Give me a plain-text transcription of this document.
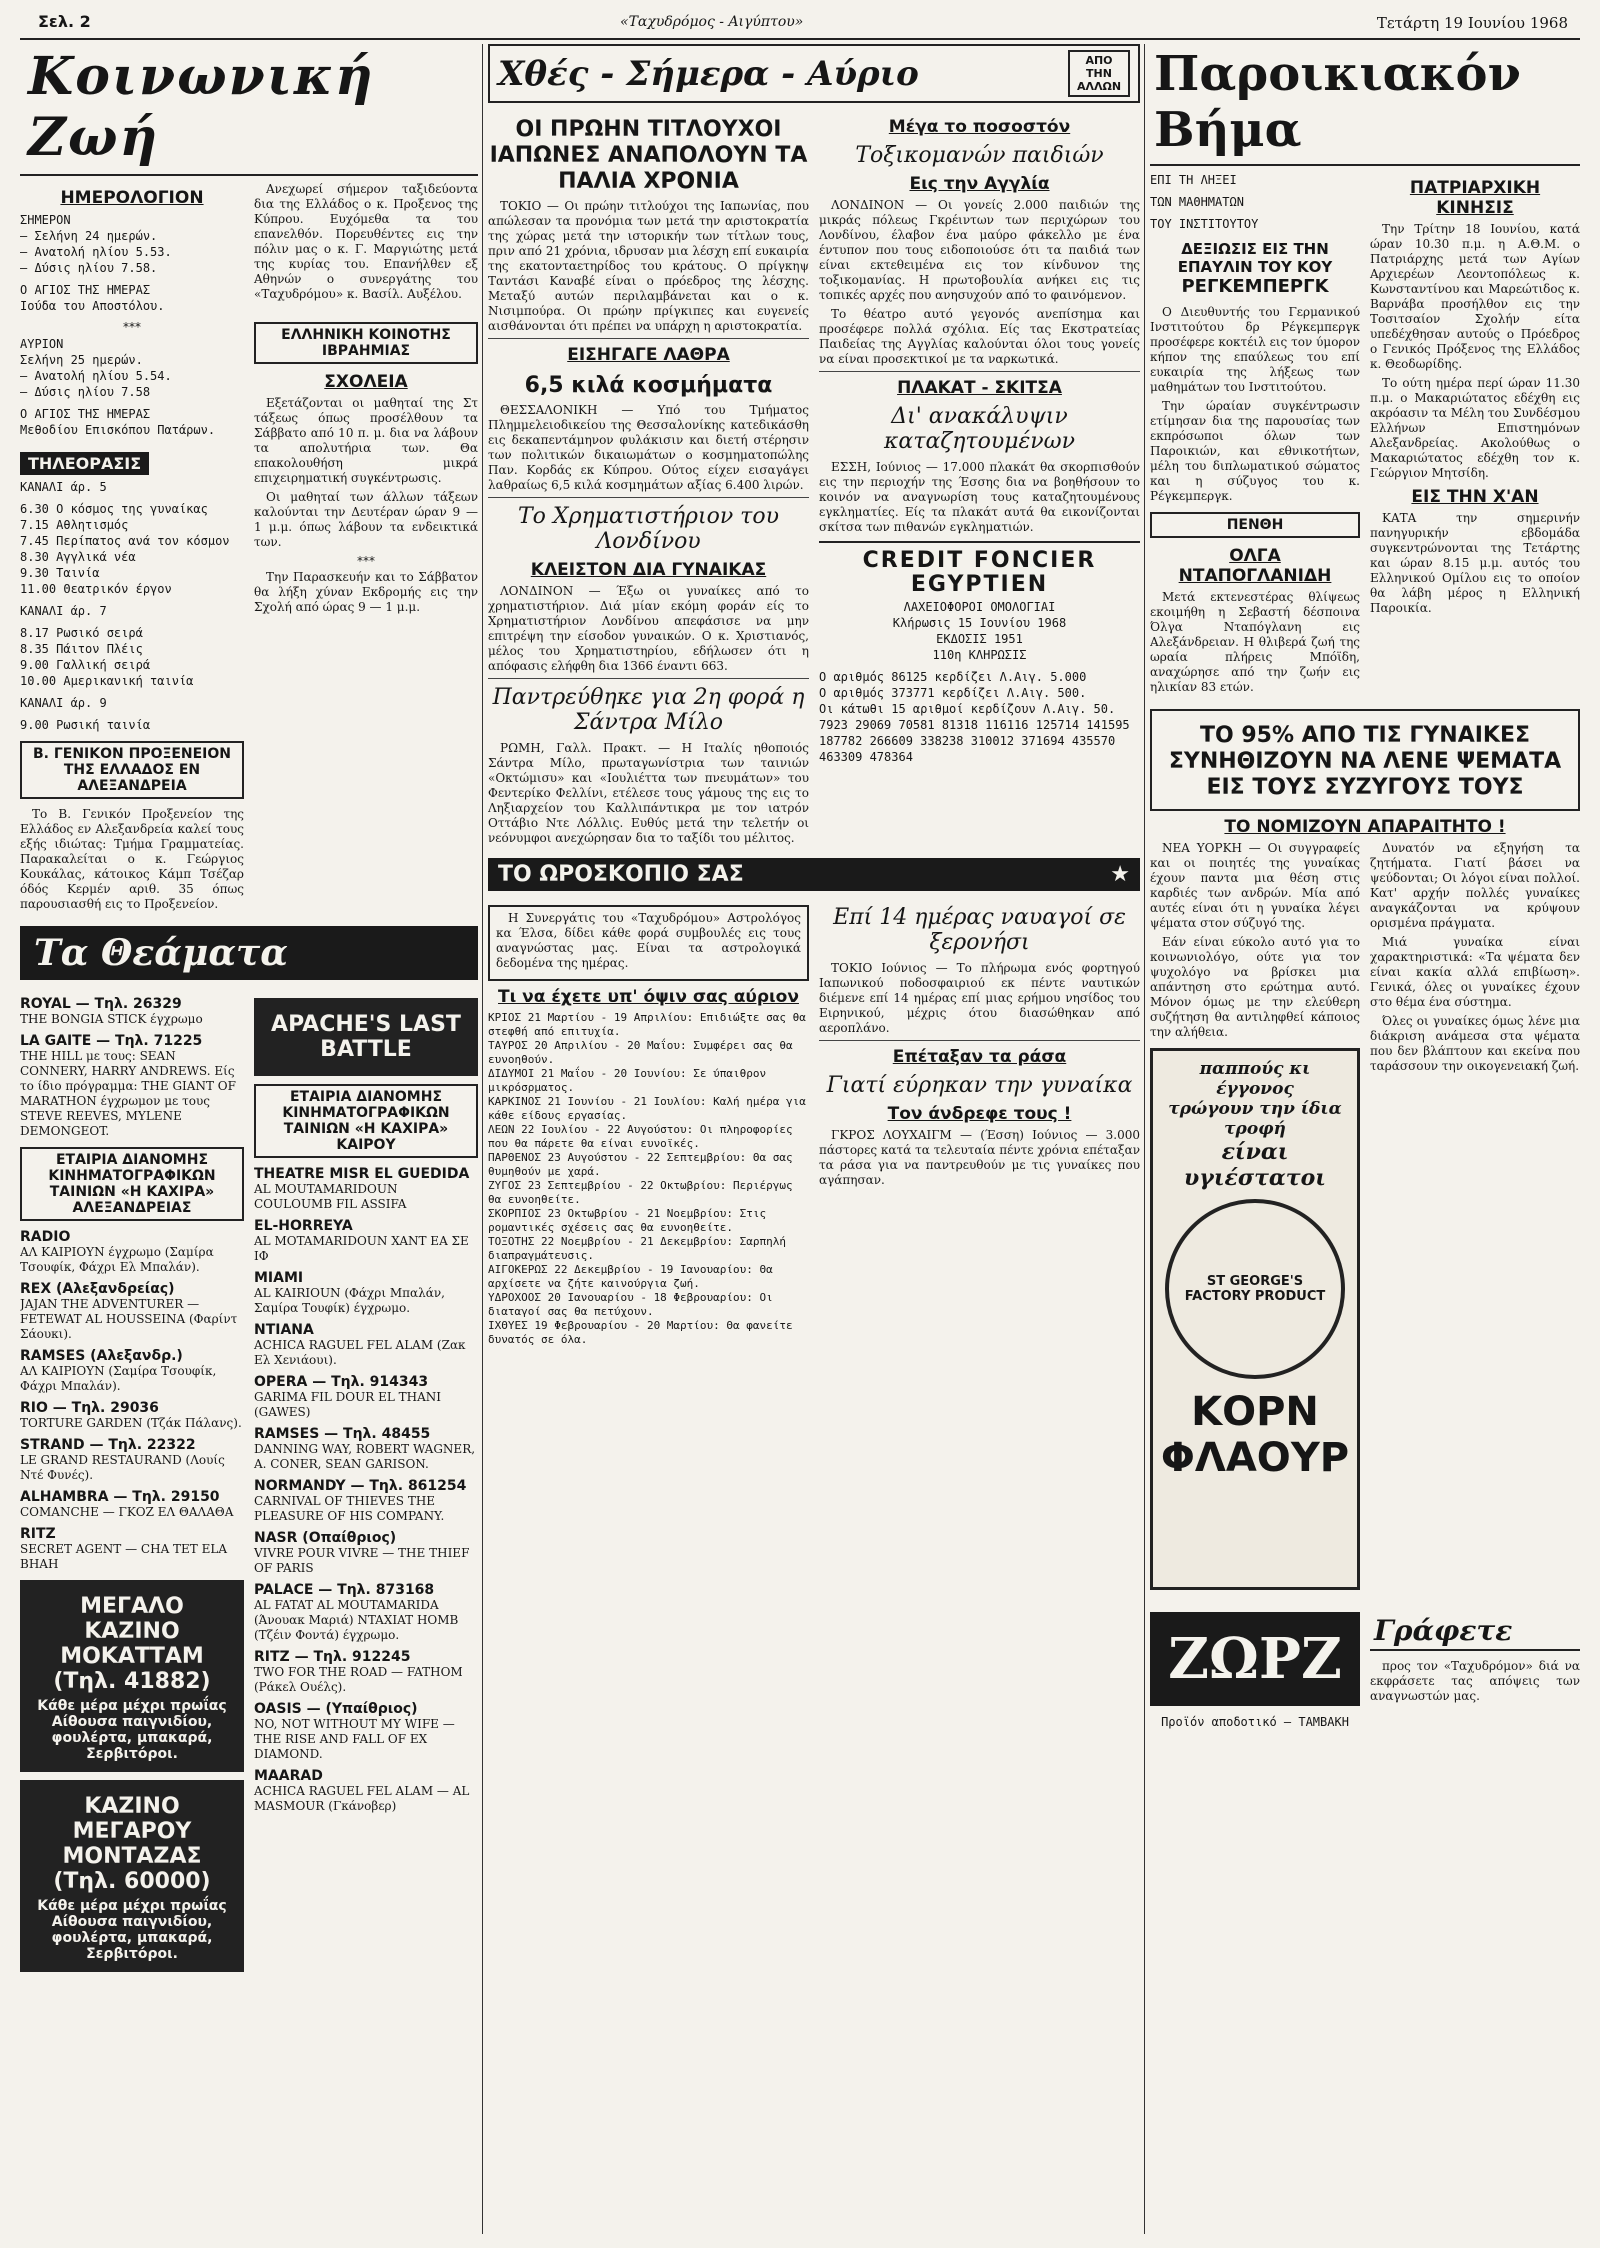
Σελ. 2	«Ταχυδρόμος - Αιγύπτου»	Τετάρτη 19 Ιουνίου 1968
Κοινωνική Ζωή
ΗΜΕΡΟΛΟΓΙΟΝ
ΣΗΜΕΡΟΝ
— Σελήνη 24 ημερών.
— Ανατολή ηλίου 5.53.
— Δύσις ηλίου 7.58.
Ο ΑΓΙΟΣ ΤΗΣ ΗΜΕΡΑΣ
Ιούδα του Αποστόλου.
***
ΑΥΡΙΟΝ
Σελήνη 25 ημερών.
— Ανατολή ηλίου 5.54.
— Δύσις ηλίου 7.58
Ο ΑΓΙΟΣ ΤΗΣ ΗΜΕΡΑΣ
Μεθοδίου Επισκόπου Πατάρων.
ΤΗΛΕΟΡΑΣΙΣ
ΚΑΝΑΛΙ άρ. 5
6.30 Ο κόσμος της γυναίκας
7.15 Αθλητισμός
7.45 Περίπατος ανά τον κόσμον
8.30 Αγγλικά νέα
9.30 Ταινία
11.00 Θεατρικόν έργον
ΚΑΝΑΛΙ άρ. 7
8.17 Ρωσικό σειρά
8.35 Πάιτον Πλέις
9.00 Γαλλική σειρά
10.00 Αμερικανική ταινία
ΚΑΝΑΛΙ άρ. 9
9.00 Ρωσική ταινία
Β. ΓΕΝΙΚΟΝ ΠΡΟΞΕΝΕΙΟΝ ΤΗΣ ΕΛΛΑΔΟΣ ΕΝ ΑΛΕΞΑΝΔΡΕΙΑ

Το Β. Γενικόν Προξενείον της Ελλάδος εν Αλεξανδρεία καλεί τους εξής ιδιώτας: Τμήμα Γραμματείας. Παρακαλείται ο κ. Γεώργιος Κουκάλας, κάτοικος Κάμπ Τσέζαρ όδός Κερμέν αριθ. 35 όπως παρουσιασθή εις το Προξενείον.

Ανεχωρεί σήμερον ταξιδεύοντα δια της Ελλάδος ο κ. Προξενος της Κύπρου. Ευχόμεθα τα του επανελθόν. Πορευθέντες εις την πόλιν μας ο κ. Γ. Μαργιώτης μετά της κυρίας του. Επανήλθεν εξ Αθηνών ο συνεργάτης του «Ταχυδρόμου» κ. Βασίλ. Αυξέλου.

ΕΛΛΗΝΙΚΗ ΚΟΙΝΟΤΗΣ ΙΒΡΑΗΜΙΑΣ
ΣΧΟΛΕΙΑ

Εξετάζονται οι μαθηταί της Στ τάξεως όπως προσέλθουν τα Σάββατο από 10 π. μ. δια να λάβουν τα απολυτήρια των. Θα επακολουθήση μικρά επιχειρηματική συγκέντρωσις.

Οι μαθηταί των άλλων τάξεων καλούνται την Δευτέραν ώραν 9 — 1 μ.μ. όπως λάβουν τα ενδεικτικά των.

***

Την Παρασκευήν και το Σάββατον θα λήξη χύναν Εκδρομής εις την Σχολή από ώρας 9 — 1 μ.μ.

Τα Θεάματα
ROYAL — Τηλ. 26329
THE BONGIA STICK έγχρωμο
LA GAITE — Τηλ. 71225
THE HILL με τους: SEAN CONNERY, HARRY ANDREWS. Είς το ίδιο πρόγραμμα: THE GIANT OF MARATHON έγχρωμον με τους STEVE REEVES, MYLENE DEMONGEOT.
ΕΤΑΙΡΙΑ ΔΙΑΝΟΜΗΣ ΚΙΝΗΜΑΤΟΓΡΑΦΙΚΩΝ ΤΑΙΝΙΩΝ «Η ΚΑΧΙΡΑ» ΑΛΕΞΑΝΔΡΕΙΑΣ
RADIO
ΑΛ ΚΑΙΡΙΟΥΝ έγχρωμο (Σαμίρα Τσουφίκ, Φάχρι Ελ Μπαλάν).
REX (Αλεξανδρείας)
JAJAN THE ADVENTURER — FETEWAT AL HOUSSEINA (Φαρίντ Σάουκι).
RAMSES (Αλεξανδρ.)
ΑΛ ΚΑΙΡΙΟΥΝ (Σαμίρα Τσουφίκ, Φάχρι Μπαλάν).
RIO — Τηλ. 29036
TORTURE GARDEN (Τζάκ Πάλανς).
STRAND — Τηλ. 22322
LE GRAND RESTAURAND (Λουίς Ντέ Φυνές).
ALHAMBRA — Τηλ. 29150
COMANCHE — ΓΚΟΖ ΕΛ ΘΑΛΑΘΑ
RITZ
SECRET AGENT — CHA TET ELA BHAH
ΜΕΓΑΛΟ ΚΑΖΙΝΟ ΜΟΚΑΤΤΑΜ (Τηλ. 41882)
Κάθε μέρα μέχρι πρωΐας Αίθουσα παιγνιδίου, φουλέρτα, μπακαρά, Σερβιτόροι.
ΚΑΖΙΝΟ ΜΕΓΑΡΟΥ ΜΟΝΤΑΖΑΣ (Τηλ. 60000)
Κάθε μέρα μέχρι πρωΐας Αίθουσα παιγνιδίου, φουλέρτα, μπακαρά, Σερβιτόροι.
APACHE'S LAST BATTLE
ΕΤΑΙΡΙΑ ΔΙΑΝΟΜΗΣ ΚΙΝΗΜΑΤΟΓΡΑΦΙΚΩΝ ΤΑΙΝΙΩΝ «Η ΚΑΧΙΡΑ» ΚΑΙΡΟΥ
THEATRE MISR EL GUEDIDA
AL MOUTAMARIDOUN COULOUMB FIL ASSIFA
EL-HORREYA
AL MOTAMARIDOUN XANT ΕΑ ΣΕ ΙΦ
MIAMI
AL KAIRIOUN (Φάχρι Μπαλάν, Σαμίρα Τουφίκ) έγχρωμο.
NTIANA
ACHICA RAGUEL FEL ALAM (Ζακ Ελ Χενιάουι).
OPERA — Τηλ. 914343
GARIMA FIL DOUR EL THANI (GAWES)
RAMSES — Τηλ. 48455
DANNING WAY, ROBERT WAGNER, A. CONER, SEAN GARISON.
NORMANDY — Τηλ. 861254
CARNIVAL OF THIEVES THE PLEASURE OF HIS COMPANY.
NASR (Οπαίθριος)
VIVRE POUR VIVRE — THE THIEF OF PARIS
PALACE — Τηλ. 873168
AL FATAT AL MOUTAMARIDA (Άνουακ Μαριά) NTAXIAT HOMB (Τζέιν Φοντά) έγχρωμο.
RITZ — Τηλ. 912245
TWO FOR THE ROAD — FATHOM (Ράκελ Ουέλς).
OASIS — (Υπαίθριος)
NO, NOT WITHOUT MY WIFE — THE RISE AND FALL OF EX DIAMOND.
MAARAD
ACHICA RAGUEL FEL ALAM — AL MASMOUR (Γκάνοβερ)
Χθές - Σήμερα - Αύριο	ΑΠΟ ΤΗΝ ΑΛΛΩΝ
ΟΙ ΠΡΩΗΝ ΤΙΤΛΟΥΧΟΙ ΙΑΠΩΝΕΣ ΑΝΑΠΟΛΟΥΝ ΤΑ ΠΑΛΙΑ ΧΡΟΝΙΑ

ΤΟΚΙΟ — Οι πρώην τιτλούχοι της Ιαπωνίας, που απώλεσαν τα προνόμια των μετά την αριστοκρατία της χώρας μετά την ιστορικήν των τίτλων τους, πριν από 21 χρόνια, ιδρυσαν μια λέσχη επί ευκαιρία της εκατονταετηρίδος του κράτους. Ο πρίγκηψ Ταντάσι Καναβέ είναι ο πρόεδρος της λέσχης. Μεταξύ αυτών περιλαμβάνεται και ο κ. Νισιμπούρα. Οι πρώην πρίγκιπες και ευγενείς αισθάνονται ότι πρέπει να υπάρχη η αριστοκρατία.

ΕΙΣΗΓΑΓΕ ΛΑΘΡΑ
6,5 κιλά κοσμήματα

ΘΕΣΣΑΛΟΝΙΚΗ — Υπό του Τμήματος Πλημμελειοδικείου της Θεσσαλονίκης κατεδικάσθη εις δεκαπεντάμηνον φυλάκισιν και διετή στέρησιν των πολιτικών δικαιωμάτων ο κοσμηματοπώλης Παν. Κορδάς εκ Κύπρου. Ούτος είχεν εισαγάγει λαθραίως 6,5 κιλά κοσμημάτων αξίας 6.400 λιρών.

Το Χρηματιστήριον του Λονδίνου
ΚΛΕΙΣΤΟΝ ΔΙΑ ΓΥΝΑΙΚΑΣ

ΛΟΝΔΙΝΟΝ — Έξω οι γυναίκες από το χρηματιστήριον. Διά μίαν εκόμη φοράν είς το Χρηματιστήριον Λονδίνου απεφάσισε να μην επιτρέψη την είσοδον γυναικών. Ο κ. Χριστιανός, μέλος του Χρηματιστηρίου, εδήλωσεν ότι η απόφασις ελήφθη δια 1366 έναντι 663.

Παντρεύθηκε για 2η φορά η Σάντρα Μίλο

ΡΩΜΗ, Γαλλ. Πρακτ. — Η Ιταλίς ηθοποιός Σάντρα Μίλο, πρωταγωνίστρια των ταινιών «Οκτώμισυ» και «Ιουλιέττα των πνευμάτων» του Φεντερίκο Φελλίνι, ετέλεσε τους γάμους της εις το Ληξιαρχείον του Καλλιπάντικρα με τον ιατρόν Οττάβιο Ντε Λόλλις. Ευθύς μετά την τελετήν οι νεόνυμφοι ανεχώρησαν δια το ταξίδι του μέλιτος.

Μέγα το ποσοστόν
Τοξικομανών παιδιών
Εις την Αγγλία

ΛΟΝΔΙΝΟΝ — Οι γονείς 2.000 παιδιών της μικράς πόλεως Γκρέιντων των περιχώρων του Λονδίνου, έλαβον ένα μαύρο φάκελλο με ένα έντυπον που τους ειδοποιούσε ότι τα παιδιά των είναι εκτεθειμένα εις τον κίνδυνον της τοξικομανίας. Η πρωτοβουλία ανήκει εις τις τοπικές αρχές που ανησυχούν από το φαινόμενον.

Το θέατρο αυτό γεγονός ανεπίσημα και προσέφερε πολλά σχόλια. Είς τας Εκστρατείας Παιδείας της Αγγλίας καλούνται όλοι τους γονείς να είναι προσεκτικοί με τα ναρκωτικά.

ΠΛΑΚΑΤ - ΣΚΙΤΣΑ
Δι' ανακάλυψιν καταζητουμένων

ΕΣΣΗ, Ιούνιος — 17.000 πλακάτ θα σκορπισθούν εις την περιοχήν της Έσσης δια να βοηθήσουν το κοινόν να αναγνωρίση τους καταζητουμένους εγκληματίες. Είς τα πλακάτ αυτά θα εικονίζονται σκίτσα των πιθανών εγκληματιών.

CREDIT FONCIER EGYPTIEN
ΛΑΧΕΙΟΦΟΡΟΙ ΟΜΟΛΟΓΙΑΙ
Κλήρωσις 15 Ιουνίου 1968
ΕΚΔΟΣΙΣ 1951
110η ΚΛΗΡΩΣΙΣ
Ο αριθμός 86125 κερδίζει Λ.Αιγ. 5.000
Ο αριθμός 373771 κερδίζει Λ.Αιγ. 500.
Οι κάτωθι 15 αριθμοί κερδίζουν Λ.Αιγ. 50.
7923 29069 70581 81318 116116 125714 141595 187782 266609 338238 310012 371694 435570 463309 478364
ΤΟ ΩΡΟΣΚΟΠΙΟ ΣΑΣ	★

Η Συνεργάτις του «Ταχυδρόμου» Αστρολόγος κα Έλσα, δίδει κάθε φορά συμβουλές εις τους αναγνώστας μας. Είναι τα αστρολογικά δεδομένα της ημέρας.

Τι να έχετε υπ' όψιν σας αύριον
ΚΡΙΟΣ 21 Μαρτίου - 19 Απριλίου: Επιδιώξτε σας θα στεφθή από επιτυχία.
ΤΑΥΡΟΣ 20 Απριλίου - 20 Μαΐου: Συμφέρει σας θα ευνοηθούν.
ΔΙΔΥΜΟΙ 21 Μαΐου - 20 Ιουνίου: Σε ύπαιθρον μικρόσρματος.
ΚΑΡΚΙΝΟΣ 21 Ιουνίου - 21 Ιουλίου: Καλή ημέρα για κάθε είδους εργασίας.
ΛΕΩΝ 22 Ιουλίου - 22 Αυγούστου: Οι πληροφορίες που θα πάρετε θα είναι ευνοϊκές.
ΠΑΡΘΕΝΟΣ 23 Αυγούστου - 22 Σεπτεμβρίου: Θα σας θυμηθούν με χαρά.
ΖΥΓΟΣ 23 Σεπτεμβρίου - 22 Οκτωβρίου: Περιέργως θα ευνοηθείτε.
ΣΚΟΡΠΙΟΣ 23 Οκτωβρίου - 21 Νοεμβρίου: Στις ρομαντικές σχέσεις σας θα ευνοηθείτε.
ΤΟΞΟΤΗΣ 22 Νοεμβρίου - 21 Δεκεμβρίου: Σαρπηλή διαπραγμάτευσις.
ΑΙΓΟΚΕΡΩΣ 22 Δεκεμβρίου - 19 Ιανουαρίου: Θα αρχίσετε να ζήτε καινούργια ζωή.
ΥΔΡΟΧΟΟΣ 20 Ιανουαρίου - 18 Φεβρουαρίου: Οι διαταγοί σας θα πετύχουν.
ΙΧΘΥΕΣ 19 Φεβρουαρίου - 20 Μαρτίου: Θα φανείτε δυνατός σε όλα.
Επί 14 ημέρας ναυαγοί σε ξερονήσι

ΤΟΚΙΟ Ιούνιος — Το πλήρωμα ενός φορτηγού Ιαπωνικού ποδοσφαιριού εκ πέντε ναυτικών διέμενε επί 14 ημέρας επί μιας ερήμου νησίδος του Ειρηνικού, μέχρις ότου διασώθηκαν από αεροπλάνο.

Επέταξαν τα ράσα
Γιατί εύρηκαν την γυναίκα
Τον άνδρεφε τους !

ΓΚΡΟΣ ΛΟΥΧΑΙΓΜ — (Έσση) Ιούνιος — 3.000 πάστορες κατά τα τελευταία πέντε χρόνια επέταξαν τα ράσα για να παντρευθούν με τις γυναίκες που αγάπησαν.

Παροικιακόν Βήμα
ΕΠΙ ΤΗ ΛΗΞΕΙ
ΤΩΝ ΜΑΘΗΜΑΤΩΝ
ΤΟΥ ΙΝΣΤΙΤΟΥΤΟΥ
ΔΕΞΙΩΣΙΣ ΕΙΣ ΤΗΝ ΕΠΑΥΛΙΝ ΤΟΥ ΚΟΥ
ΡΕΓΚΕΜΠΕΡΓΚ

Ο Διευθυντής του Γερμανικού Ινστιτούτου δρ Ρέγκεμπεργκ προσέφερε κοκτέιλ εις τον ύμορον κήπον της επαύλεως του επί ευκαιρία της λήξεως των μαθημάτων του Ινστιτούτου.

Την ώραίαν συγκέντρωσιν ετίμησαν δια της παρουσίας των εκπρόσωποι όλων των Παροικιών, και εθνικοτήτων, μέλη του διπλωματικού σώματος και η σύζυγος του κ. Ρέγκεμπεργκ.

ΠΕΝΘΗ
ΟΛΓΑ ΝΤΑΠΟΓΛΑΝΙΔΗ

Μετά εκτενεστέρας θλίψεως εκοιμήθη η Σεβαστή δέσποινα Όλγα Νταπόγλανη εις Αλεξάνδρειαν. Η θλιβερά ζωή της ωραία πλήρεις Μπόϊδη, αναχώρησε από την ζωήν εις ηλικίαν 83 ετών.

ΠΑΤΡΙΑΡΧΙΚΗ ΚΙΝΗΣΙΣ

Την Τρίτην 18 Ιουνίου, κατά ώραν 10.30 π.μ. η Α.Θ.Μ. ο Πατριάρχης μετά των Αγίων Αρχιερέων Λεοντοπόλεως κ. Κωνσταντίνου και Μαρεώτιδος κ. Βαρνάβα προσήλθον εις την Τοσιτσαίον Σχολήν είτα υπεδέχθησαν αυτούς ο Πρόεδρος ο Γενικός Πρόξενος της Ελλάδος κ. Θεοδωρίδης.

Το ούτη ημέρα περί ώραν 11.30 π.μ. ο Μακαριώτατος εδέχθη εις ακρόασιν τα Μέλη του Συνδέσμου Ελλήνων Επιστημόνων Αλεξανδρείας. Ακολούθως ο Μακαριώτατος εδέχθη τον κ. Γεώργιον Μητσίδη.

ΕΙΣ ΤΗΝ Χ'ΑΝ

ΚΑΤΑ την σημερινήν πανηγυρικήν εβδομάδα συγκεντρώνονται της Τετάρτης και ώραν 8.15 μ.μ. αυτός του Ελληνικού Ομίλου εις το οποίον θα λάβη μέρος η Ελληνική Παροικία.

ΤΟ 95% ΑΠΟ ΤΙΣ ΓΥΝΑΙΚΕΣ ΣΥΝΗΘΙΖΟΥΝ ΝΑ ΛΕΝΕ ΨΕΜΑΤΑ ΕΙΣ ΤΟΥΣ ΣΥΖΥΓΟΥΣ ΤΟΥΣ
ΤΟ ΝΟΜΙΖΟΥΝ ΑΠΑΡΑΙΤΗΤΟ !

ΝΕΑ ΥΟΡΚΗ — Οι συγγραφείς και οι ποιητές της γυναίκας έχουν παντα μια θέση στις καρδιές των ανδρών. Μία από αυτές είναι ότι η γυναίκα λέγει ψέματα στον σύζυγό της.

Εάν είναι εύκολο αυτό για το κοινωνιολόγο, ούτε για τον ψυχολόγο να βρίσκει μια απάντηση στο ερώτημα αυτό. Μόνον όμως με την ελεύθερη συζήτηση θα αντιληφθεί κάποιος την αλήθεια.

παππούς κι έγγονος
τρώγουν την ίδια τροφή
είναι υγιέστατοι
ST GEORGE'S FACTORY PRODUCT
ΚΟΡΝ ΦΛΑΟΥΡ

Δυνατόν να εξηγήση τα ζητήματα. Γιατί βάσει να ψεύδονται; Οι λόγοι είναι πολλοί. Κατ' αρχήν πολλές γυναίκες αναγκάζονται να κρύψουν ορισμένα πράγματα.

Μιά γυναίκα είναι χαρακτηριστικά: «Τα ψέματα δεν είναι κακία αλλά επιβίωση». Γενικά, όλες οι γυναίκες έχουν στο θέμα ένα σύστημα.

Όλες οι γυναίκες όμως λένε μια διάκριση ανάμεσα στα ψέματα που δεν βλάπτουν και εκείνα που ταράσσουν την οικογενειακή ζωή.

ΖΩΡΖ
Προϊόν αποδοτικό — ΤΑΜΒΑΚΗ
Γράφετε

προς τον «Ταχυδρόμον» διά να εκφράσετε τας απόψεις των αναγνωστών μας.
